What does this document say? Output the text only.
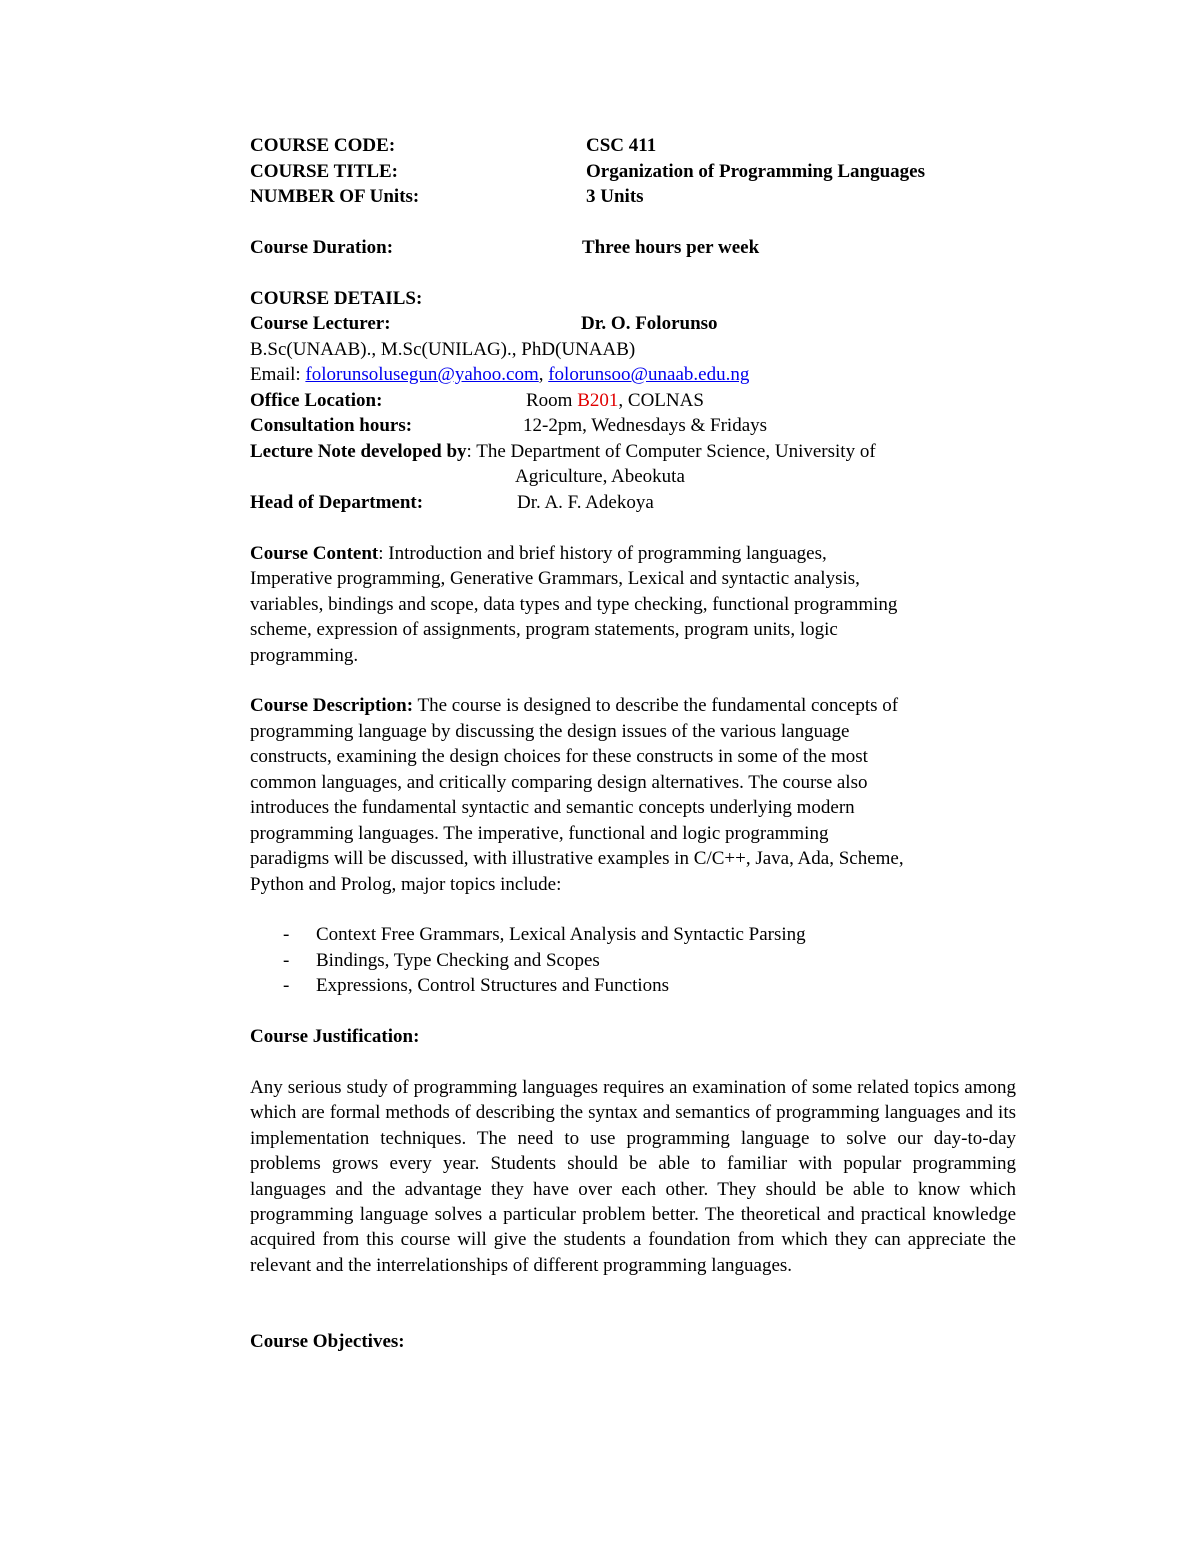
COURSE CODE:	CSC 411
COURSE TITLE:	Organization of Programming Languages
NUMBER OF Units:	3 Units
Course Duration:	Three hours per week
COURSE DETAILS:
Course Lecturer:	Dr. O. Folorunso
B.Sc(UNAAB)., M.Sc(UNILAG)., PhD(UNAAB)
Email: folorunsolusegun@yahoo.com, folorunsoo@unaab.edu.ng
Office Location:	Room B201, COLNAS
Consultation hours:	12-2pm, Wednesdays & Fridays
Lecture Note developed by: The Department of Computer Science, University of
Agriculture, Abeokuta
Head of Department:	Dr. A. F. Adekoya
Course Content: Introduction and brief history of programming languages,
Imperative programming, Generative Grammars, Lexical and syntactic analysis,
variables, bindings and scope, data types and type checking, functional programming
scheme, expression of assignments, program statements, program units, logic
programming.
Course Description: The course is designed to describe the fundamental concepts of
programming language by discussing the design issues of the various language
constructs, examining the design choices for these constructs in some of the most
common languages, and critically comparing design alternatives. The course also
introduces the fundamental syntactic and semantic concepts underlying modern
programming languages. The imperative, functional and logic programming
paradigms will be discussed, with illustrative examples in C/C++, Java, Ada, Scheme,
Python and Prolog, major topics include:
- Context Free Grammars, Lexical Analysis and Syntactic Parsing
- Bindings, Type Checking and Scopes
- Expressions, Control Structures and Functions
Course Justification:
Any serious study of programming languages requires an examination of some related topics among which are formal methods of describing the syntax and semantics of programming languages and its implementation techniques. The need to use programming language to solve our day-to-day problems grows every year. Students should be able to familiar with popular programming languages and the advantage they have over each other. They should be able to know which programming language solves a particular problem better. The theoretical and practical knowledge acquired from this course will give the students a foundation from which they can appreciate the relevant and the interrelationships of different programming languages.
Course Objectives:
